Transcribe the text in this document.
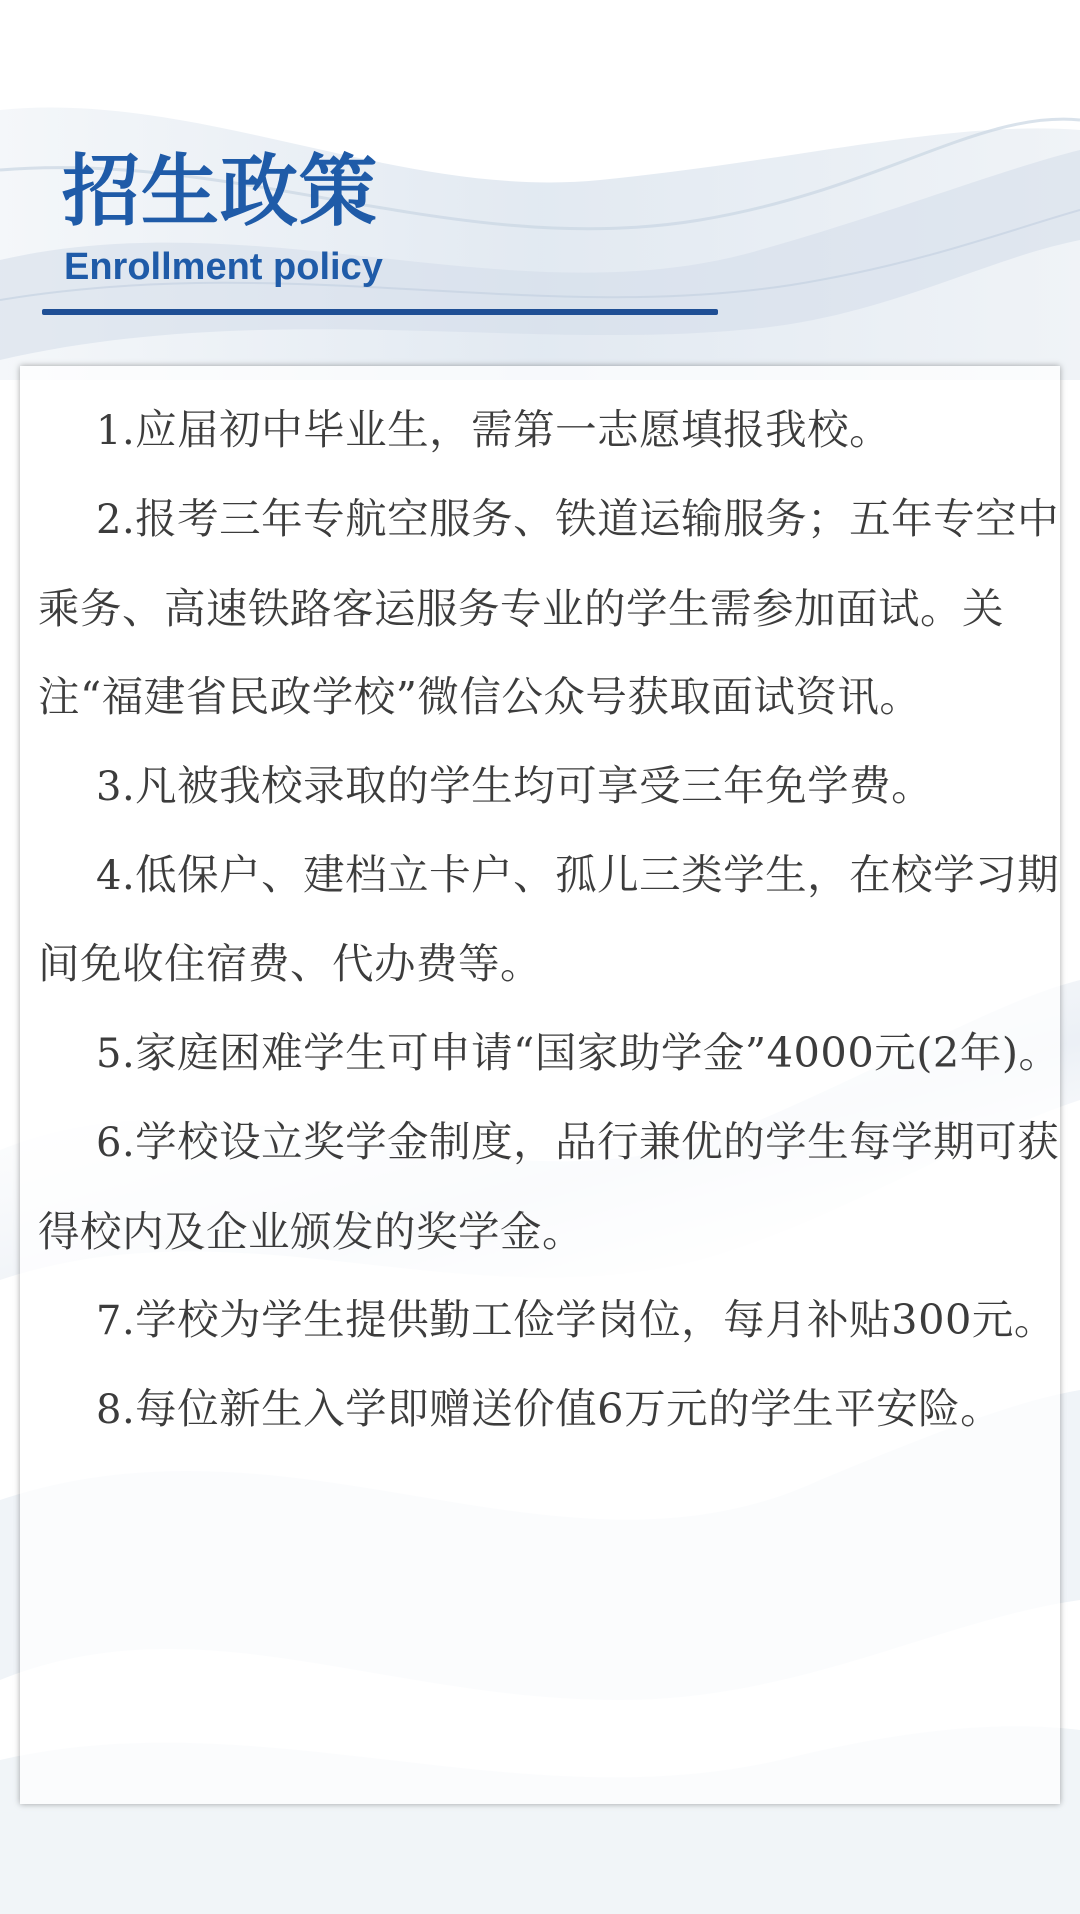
招生政策
Enrollment policy
1.应届初中毕业生，需第一志愿填报我校。
2.报考三年专航空服务、铁道运输服务；五年专空中乘务、高速铁路客运服务专业的学生需参加面试。关注“福建省民政学校”微信公众号获取面试资讯。
3.凡被我校录取的学生均可享受三年免学费。
4.低保户、建档立卡户、孤儿三类学生，在校学习期间免收住宿费、代办费等。
5.家庭困难学生可申请“国家助学金”4000元(2年)。
6.学校设立奖学金制度，品行兼优的学生每学期可获得校内及企业颁发的奖学金。
7.学校为学生提供勤工俭学岗位，每月补贴300元。
8.每位新生入学即赠送价值6万元的学生平安险。
